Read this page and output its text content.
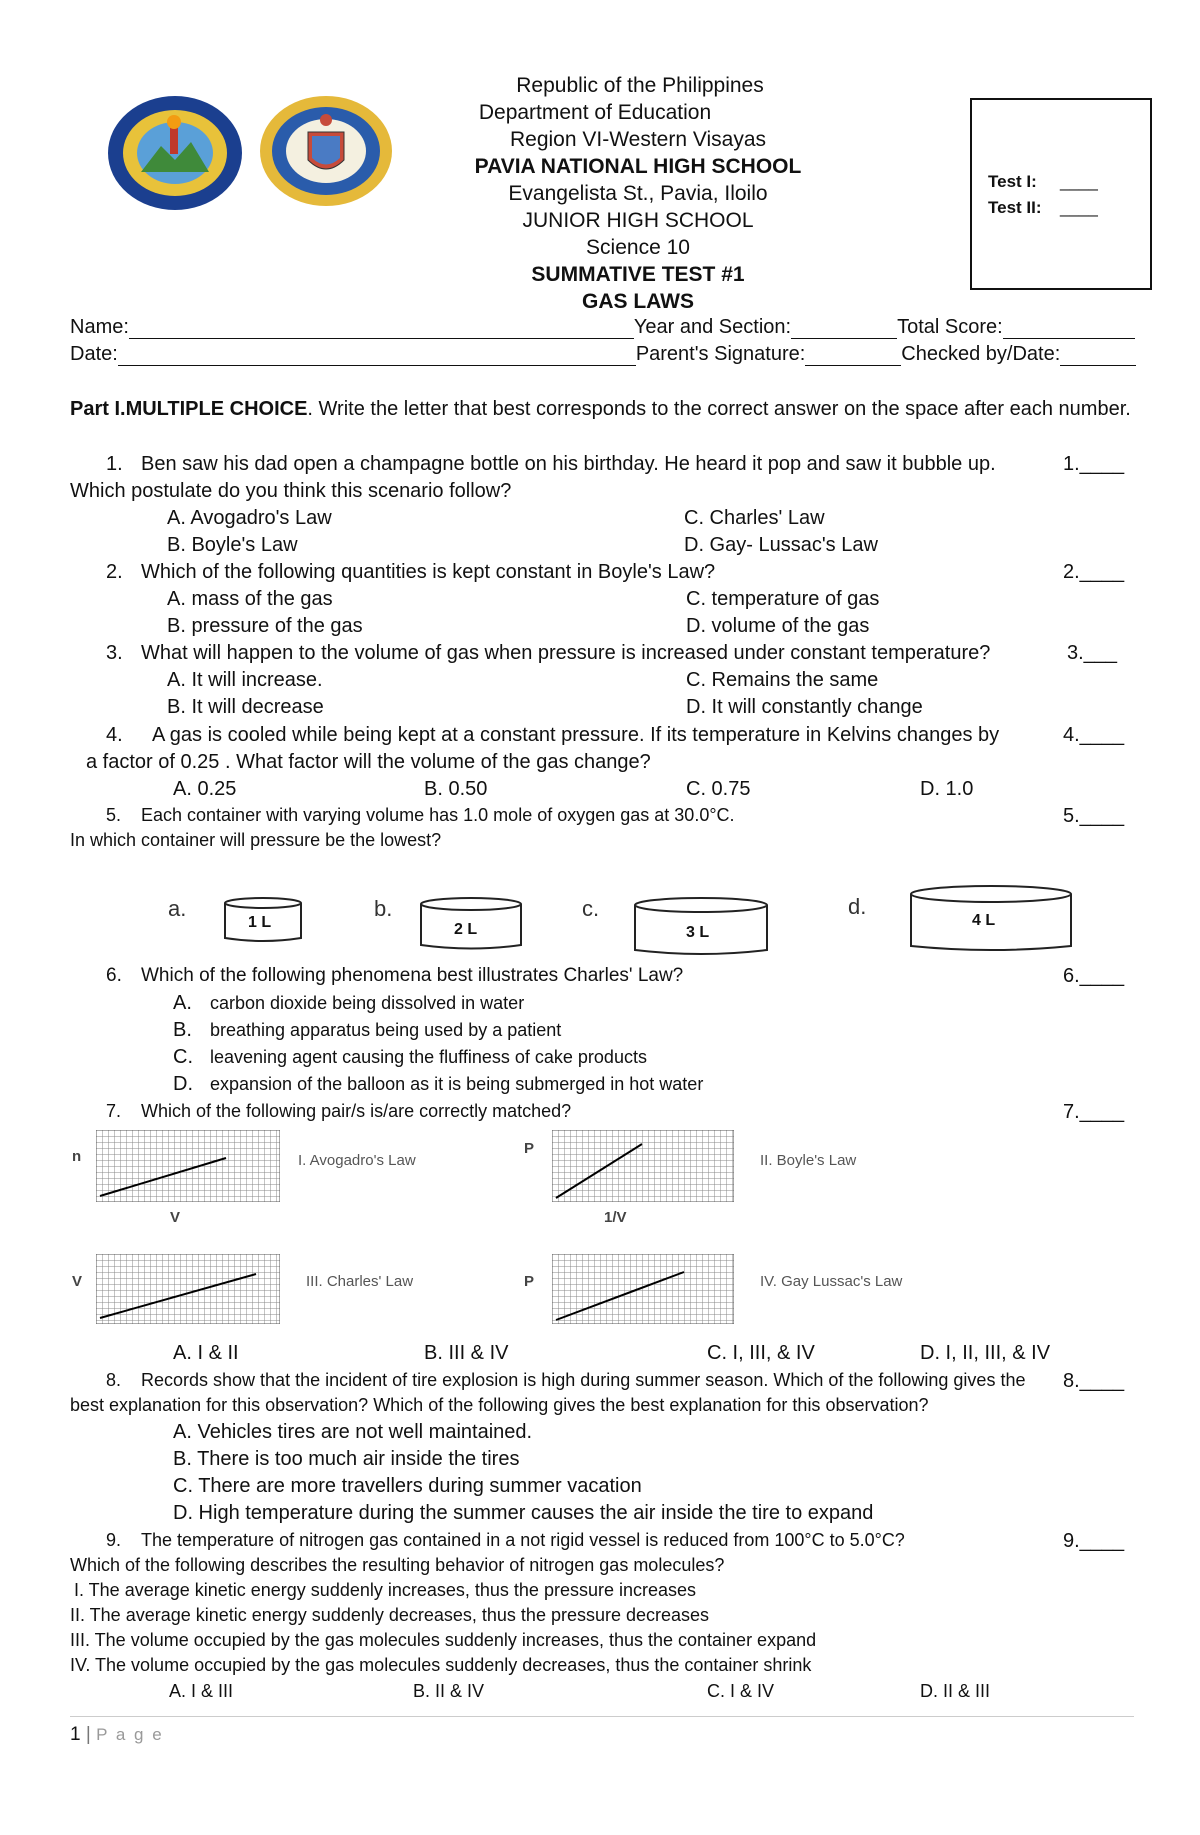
Republic of the Philippines
Department of Education
Region VI-Western Visayas
PAVIA NATIONAL HIGH SCHOOL
Evangelista St., Pavia, Iloilo
JUNIOR HIGH SCHOOL
Science 10
SUMMATIVE TEST #1
GAS LAWS
Test I: ____
Test II: ____
Name:	Year and Section:	Total Score:
Date:	Parent's Signature:	Checked by/Date:
Part I.MULTIPLE CHOICE. Write the letter that best corresponds to the correct answer on the space after each number.
1. Ben saw his dad open a champagne bottle on his birthday. He heard it pop and saw it bubble up.	1.____
Which postulate do you think this scenario follow?
A. Avogadro's Law	C. Charles' Law
B. Boyle's Law	D. Gay- Lussac's Law
2. Which of the following quantities is kept constant in Boyle's Law?	2.____
A. mass of the gas	C. temperature of gas
B. pressure of the gas	D. volume of the gas
3. What will happen to the volume of gas when pressure is increased under constant temperature?	3.___
A. It will increase.	C. Remains the same
B. It will decrease	D. It will constantly change
4. A gas is cooled while being kept at a constant pressure. If its temperature in Kelvins changes by	4.____
a factor of 0.25 . What factor will the volume of the gas change?
A. 0.25	B. 0.50	C. 0.75	D. 1.0
5. Each container with varying volume has 1.0 mole of oxygen gas at 30.0°C.	5.____
In which container will pressure be the lowest?
a.
1 L
b.
2 L
c.
3 L
d.
4 L
6. Which of the following phenomena best illustrates Charles' Law?	6.____
A. carbon dioxide being dissolved in water
B. breathing apparatus being used by a patient
C. leavening agent causing the fluffiness of cake products
D. expansion of the balloon as it is being submerged in hot water
7. Which of the following pair/s is/are correctly matched?	7.____
n
V
I. Avogadro's Law
P
1/V
II. Boyle's Law
V	III. Charles' Law	P	IV. Gay Lussac's Law
A. I & II	B. III & IV	C. I, III, & IV	D. I, II, III, & IV
8. Records show that the incident of tire explosion is high during summer season. Which of the following gives the 8.____
best explanation for this observation? Which of the following gives the best explanation for this observation?
A. Vehicles tires are not well maintained.
B. There is too much air inside the tires
C. There are more travellers during summer vacation
D. High temperature during the summer causes the air inside the tire to expand
9. The temperature of nitrogen gas contained in a not rigid vessel is reduced from 100°C to 5.0°C?	9.____
Which of the following describes the resulting behavior of nitrogen gas molecules?
I. The average kinetic energy suddenly increases, thus the pressure increases
II. The average kinetic energy suddenly decreases, thus the pressure decreases
III. The volume occupied by the gas molecules suddenly increases, thus the container expand
IV. The volume occupied by the gas molecules suddenly decreases, thus the container shrink
A. I & III	B. II & IV	C. I & IV	D. II & III
1 | P a g e
